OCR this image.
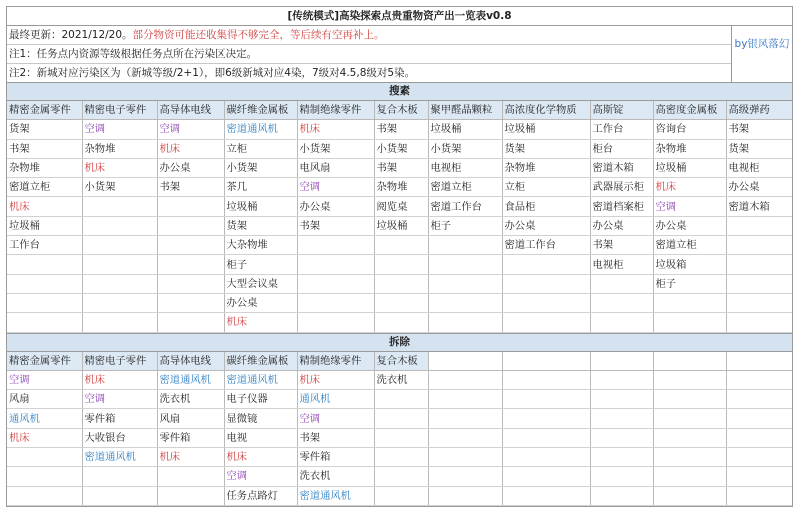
[传统模式]高染探索点贵重物资产出一览表v0.8
最终更新：2021/12/20。部分物资可能还收集得不够完全，等后续有空再补上。
注1：任务点内资源等级根据任务点所在污染区决定。
注2：新城对应污染区为（新城等级/2+1），即6级新城对应4染，7级对4.5,8级对5染。
by银风落幻
搜素
精密金属零件	精密电子零件	高导体电线	碳纤维金属板	精制绝缘零件	复合木板	聚甲醛晶颗粒	高浓度化学物质	高斯锭	高密度金属板	高级弹药
货架	空调	空调	密道通风机	机床	书架	垃圾桶	垃圾桶	工作台	咨询台	书架
书架	杂物堆	机床	立柜	小货架	小货架	小货架	货架	柜台	杂物堆	货架
杂物堆	机床	办公桌	小货架	电风扇	书架	电视柜	杂物堆	密道木箱	垃圾桶	电视柜
密道立柜	小货架	书架	茶几	空调	杂物堆	密道立柜	立柜	武器展示柜	机床	办公桌
机床			垃圾桶	办公桌	阅览桌	密道工作台	食品柜	密道档案柜	空调	密道木箱
垃圾桶			货架	书架	垃圾桶	柜子	办公桌	办公桌	办公桌	
工作台			大杂物堆				密道工作台	书架	密道立柜	
			柜子					电视柜	垃圾箱	
			大型会议桌						柜子	
			办公桌							
			机床							
拆除
精密金属零件	精密电子零件	高导体电线	碳纤维金属板	精制绝缘零件	复合木板					
空调	机床	密道通风机	密道通风机	机床	洗衣机					
风扇	空调	洗衣机	电子仪器	通风机						
通风机	零件箱	风扇	显微镜	空调						
机床	大收银台	零件箱	电视	书架						
	密道通风机	机床	机床	零件箱						
			空调	洗衣机						
			任务点路灯	密道通风机						
